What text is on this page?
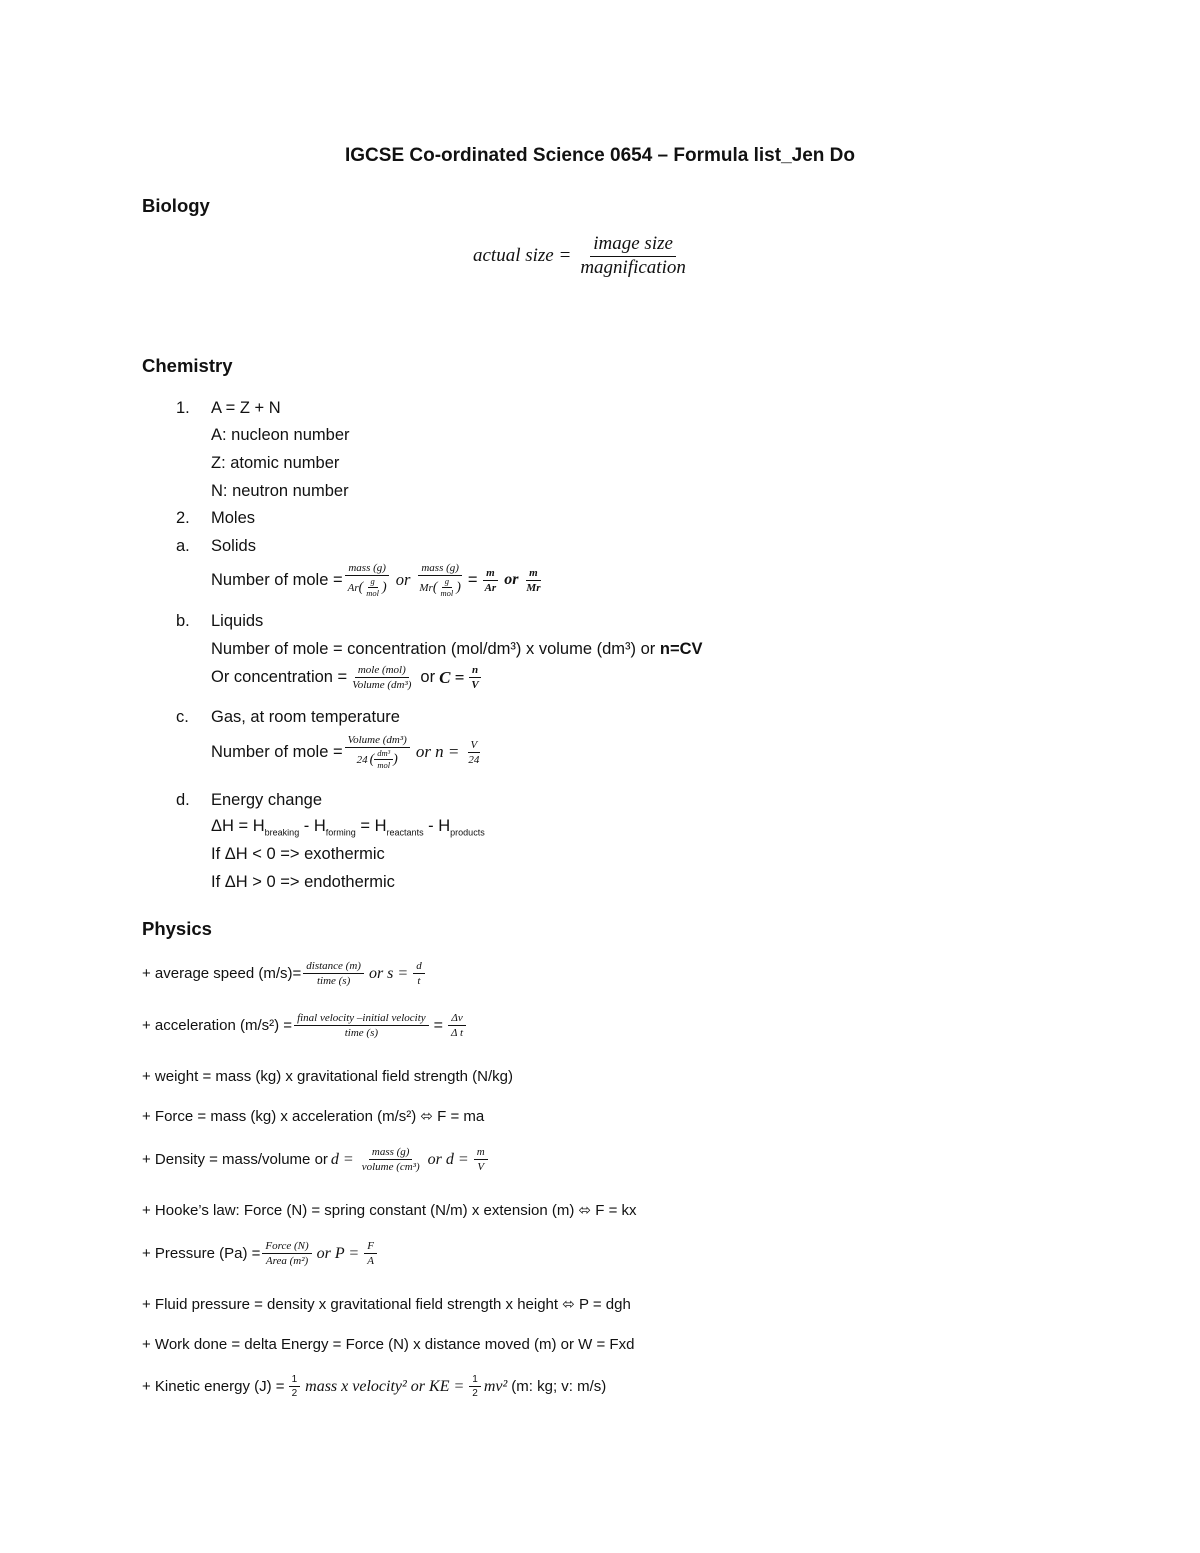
IGCSE Co-ordinated Science 0654 – Formula list_Jen Do
Biology
actual size = $\frac{\text{image size}}{\text{magnification}}$
Chemistry
1. A = Z + N
A: nucleon number
Z: atomic number
N: neutron number
2. Moles
a. Solids
Number of mole = $\frac{\text{mass (g)}}{Ar ( \frac{g}{\text{mol}} )}$ or $\frac{\text{mass (g)}}{Mr ( \frac{g}{\text{mol}} )} = \frac{m}{Ar}$ or $\frac{m}{Mr}$
b. Liquids
Number of mole = concentration (mol/dm³) x volume (dm³) or n=CV
Or concentration = $\frac{\text{mole (mol)}}{\text{Volume (dm³)}}$ or $C = \frac{n}{V}$
c. Gas, at room temperature
Number of mole = $\frac{\text{Volume (dm³)}}{24 ( \frac{\text{dm³}}{\text{mol}} )}$ or $n = \frac{V}{24}$
d. Energy change
$\Delta H = H_{breaking} - H_{forming} = H_{reactants} - H_{products}$
If ΔH < 0 => exothermic
If ΔH > 0 => endothermic
Physics
+ average speed $(m/s)= \frac{\text{distance (m)}}{\text{time (s)}}$ or $s = \frac{d}{t}$
+ acceleration $(m/s^2) = \frac{\text{final velocity –initial velocity}}{\text{time (s)}} = \frac{\Delta v}{\text{Δ t}}$
+ weight = mass (kg) x gravitational field strength (N/kg)
+ Force = mass (kg) x acceleration (m/s²) ⬄ F = ma
+ Density = mass/volume or $d = \frac{\text{mass (g)}}{\text{volume (cm³)}}$ or $d = \frac{m}{V}$
+ Hooke’s law: Force (N) = spring constant (N/m) x extension (m) ⬄ F = kx
+ Pressure $(Pa) = \frac{\text{Force (N)}}{\text{Area (m²)}}$ or $P = \frac{F}{A}$
+ Fluid pressure = density x gravitational field strength x height ⬄ P = dgh
+ Work done = delta Energy = Force (N) x distance moved (m) or W = Fxd
+ Kinetic energy $(J) = \frac{1}{2}$ mass x velocity² or KE = $\frac{1}{2} mv^2$ (m: kg; v: m/s)
